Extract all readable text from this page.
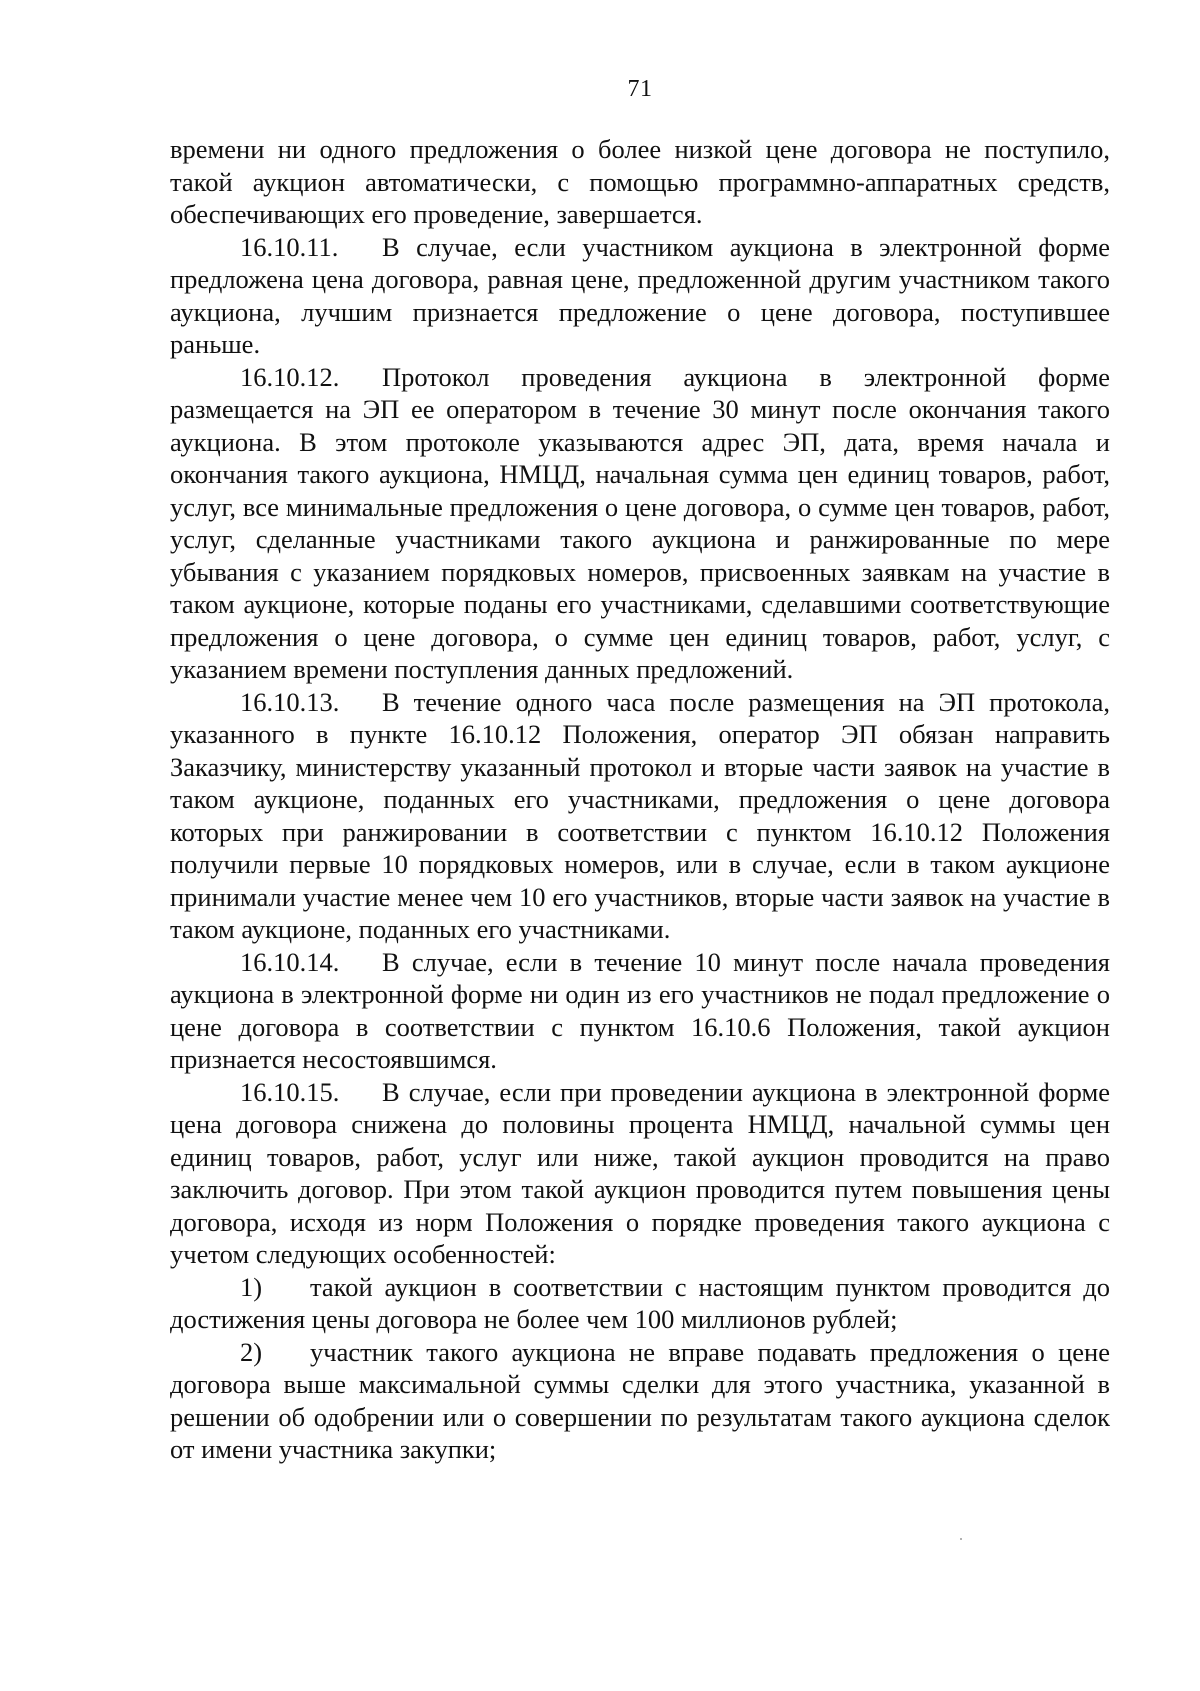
71

времени ни одного предложения о более низкой цене договора не поступило, такой аукцион автоматически, с помощью программно-аппаратных средств, обеспечивающих его проведение, завершается.

16.10.11. В случае, если участником аукциона в электронной форме предложена цена договора, равная цене, предложенной другим участником такого аукциона, лучшим признается предложение о цене договора, поступившее раньше.

16.10.12. Протокол проведения аукциона в электронной форме размещается на ЭП ее оператором в течение 30 минут после окончания такого аукциона. В этом протоколе указываются адрес ЭП, дата, время начала и окончания такого аукциона, НМЦД, начальная сумма цен единиц товаров, работ, услуг, все минимальные предложения о цене договора, о сумме цен товаров, работ, услуг, сделанные участниками такого аукциона и ранжированные по мере убывания с указанием порядковых номеров, присвоенных заявкам на участие в таком аукционе, которые поданы его участниками, сделавшими соответствующие предложения о цене договора, о сумме цен единиц товаров, работ, услуг, с указанием времени поступления данных предложений.

16.10.13. В течение одного часа после размещения на ЭП протокола, указанного в пункте 16.10.12 Положения, оператор ЭП обязан направить Заказчику, министерству указанный протокол и вторые части заявок на участие в таком аукционе, поданных его участниками, предложения о цене договора которых при ранжировании в соответствии с пунктом 16.10.12 Положения получили первые 10 порядковых номеров, или в случае, если в таком аукционе принимали участие менее чем 10 его участников, вторые части заявок на участие в таком аукционе, поданных его участниками.

16.10.14. В случае, если в течение 10 минут после начала проведения аукциона в электронной форме ни один из его участников не подал предложение о цене договора в соответствии с пунктом 16.10.6 Положения, такой аукцион признается несостоявшимся.

16.10.15. В случае, если при проведении аукциона в электронной форме цена договора снижена до половины процента НМЦД, начальной суммы цен единиц товаров, работ, услуг или ниже, такой аукцион проводится на право заключить договор. При этом такой аукцион проводится путем повышения цены договора, исходя из норм Положения о порядке проведения такого аукциона с учетом следующих особенностей:

1) такой аукцион в соответствии с настоящим пунктом проводится до достижения цены договора не более чем 100 миллионов рублей;

2) участник такого аукциона не вправе подавать предложения о цене договора выше максимальной суммы сделки для этого участника, указанной в решении об одобрении или о совершении по результатам такого аукциона сделок от имени участника закупки;
